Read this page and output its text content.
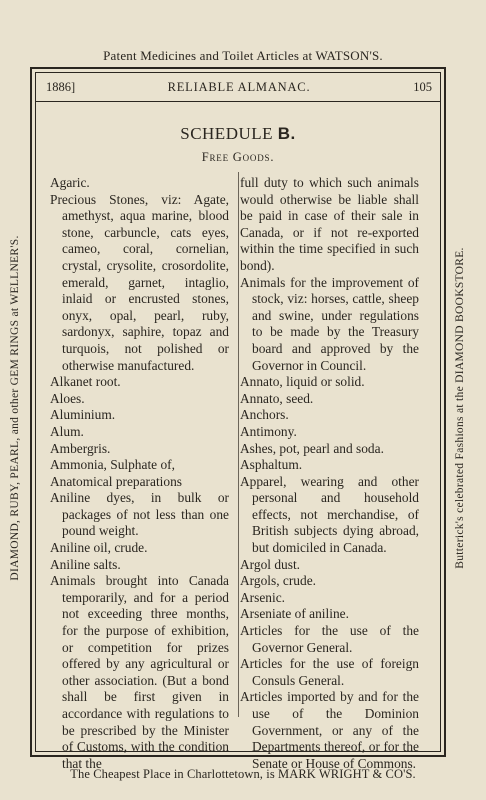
Patent Medicines and Toilet Articles at WATSON'S.
DIAMOND, RUBY, PEARL, and other GEM RINGS at WELLNER'S.	Butterick's celebrated Fashions at the DIAMOND BOOKSTORE.
1886]	RELIABLE ALMANAC.	105
SCHEDULE B.
Free Goods.

Agaric.

Precious Stones, viz: Agate, amethyst, aqua marine, blood stone, carbuncle, cats eyes, cameo, coral, cornelian, crystal, crysolite, crosordolite, emerald, garnet, intaglio, inlaid or encrusted stones, onyx, opal, pearl, ruby, sardonyx, saphire, topaz and turquois, not polished or otherwise manufactured.

Alkanet root.

Aloes.

Aluminium.

Alum.

Ambergris.

Ammonia, Sulphate of,

Anatomical preparations

Aniline dyes, in bulk or packages of not less than one pound weight.

Aniline oil, crude.

Aniline salts.

Animals brought into Canada temporarily, and for a period not exceeding three months, for the purpose of exhibition, or competition for prizes offered by any agricultural or other association. (But a bond shall be first given in accordance with regulations to be prescribed by the Minister of Customs, with the condition that the

full duty to which such animals would otherwise be liable shall be paid in case of their sale in Canada, or if not re-exported within the time specified in such bond).

Animals for the improvement of stock, viz: horses, cattle, sheep and swine, under regulations to be made by the Treasury board and approved by the Governor in Council.

Annato, liquid or solid.

Annato, seed.

Anchors.

Antimony.

Ashes, pot, pearl and soda.

Asphaltum.

Apparel, wearing and other personal and household effects, not merchandise, of British subjects dying abroad, but domiciled in Canada.

Argol dust.

Argols, crude.

Arsenic.

Arseniate of aniline.

Articles for the use of the Governor General.

Articles for the use of foreign Consuls General.

Articles imported by and for the use of the Dominion Government, or any of the Departments thereof, or for the Senate or House of Commons.

The Cheapest Place in Charlottetown, is MARK WRIGHT & CO'S.
